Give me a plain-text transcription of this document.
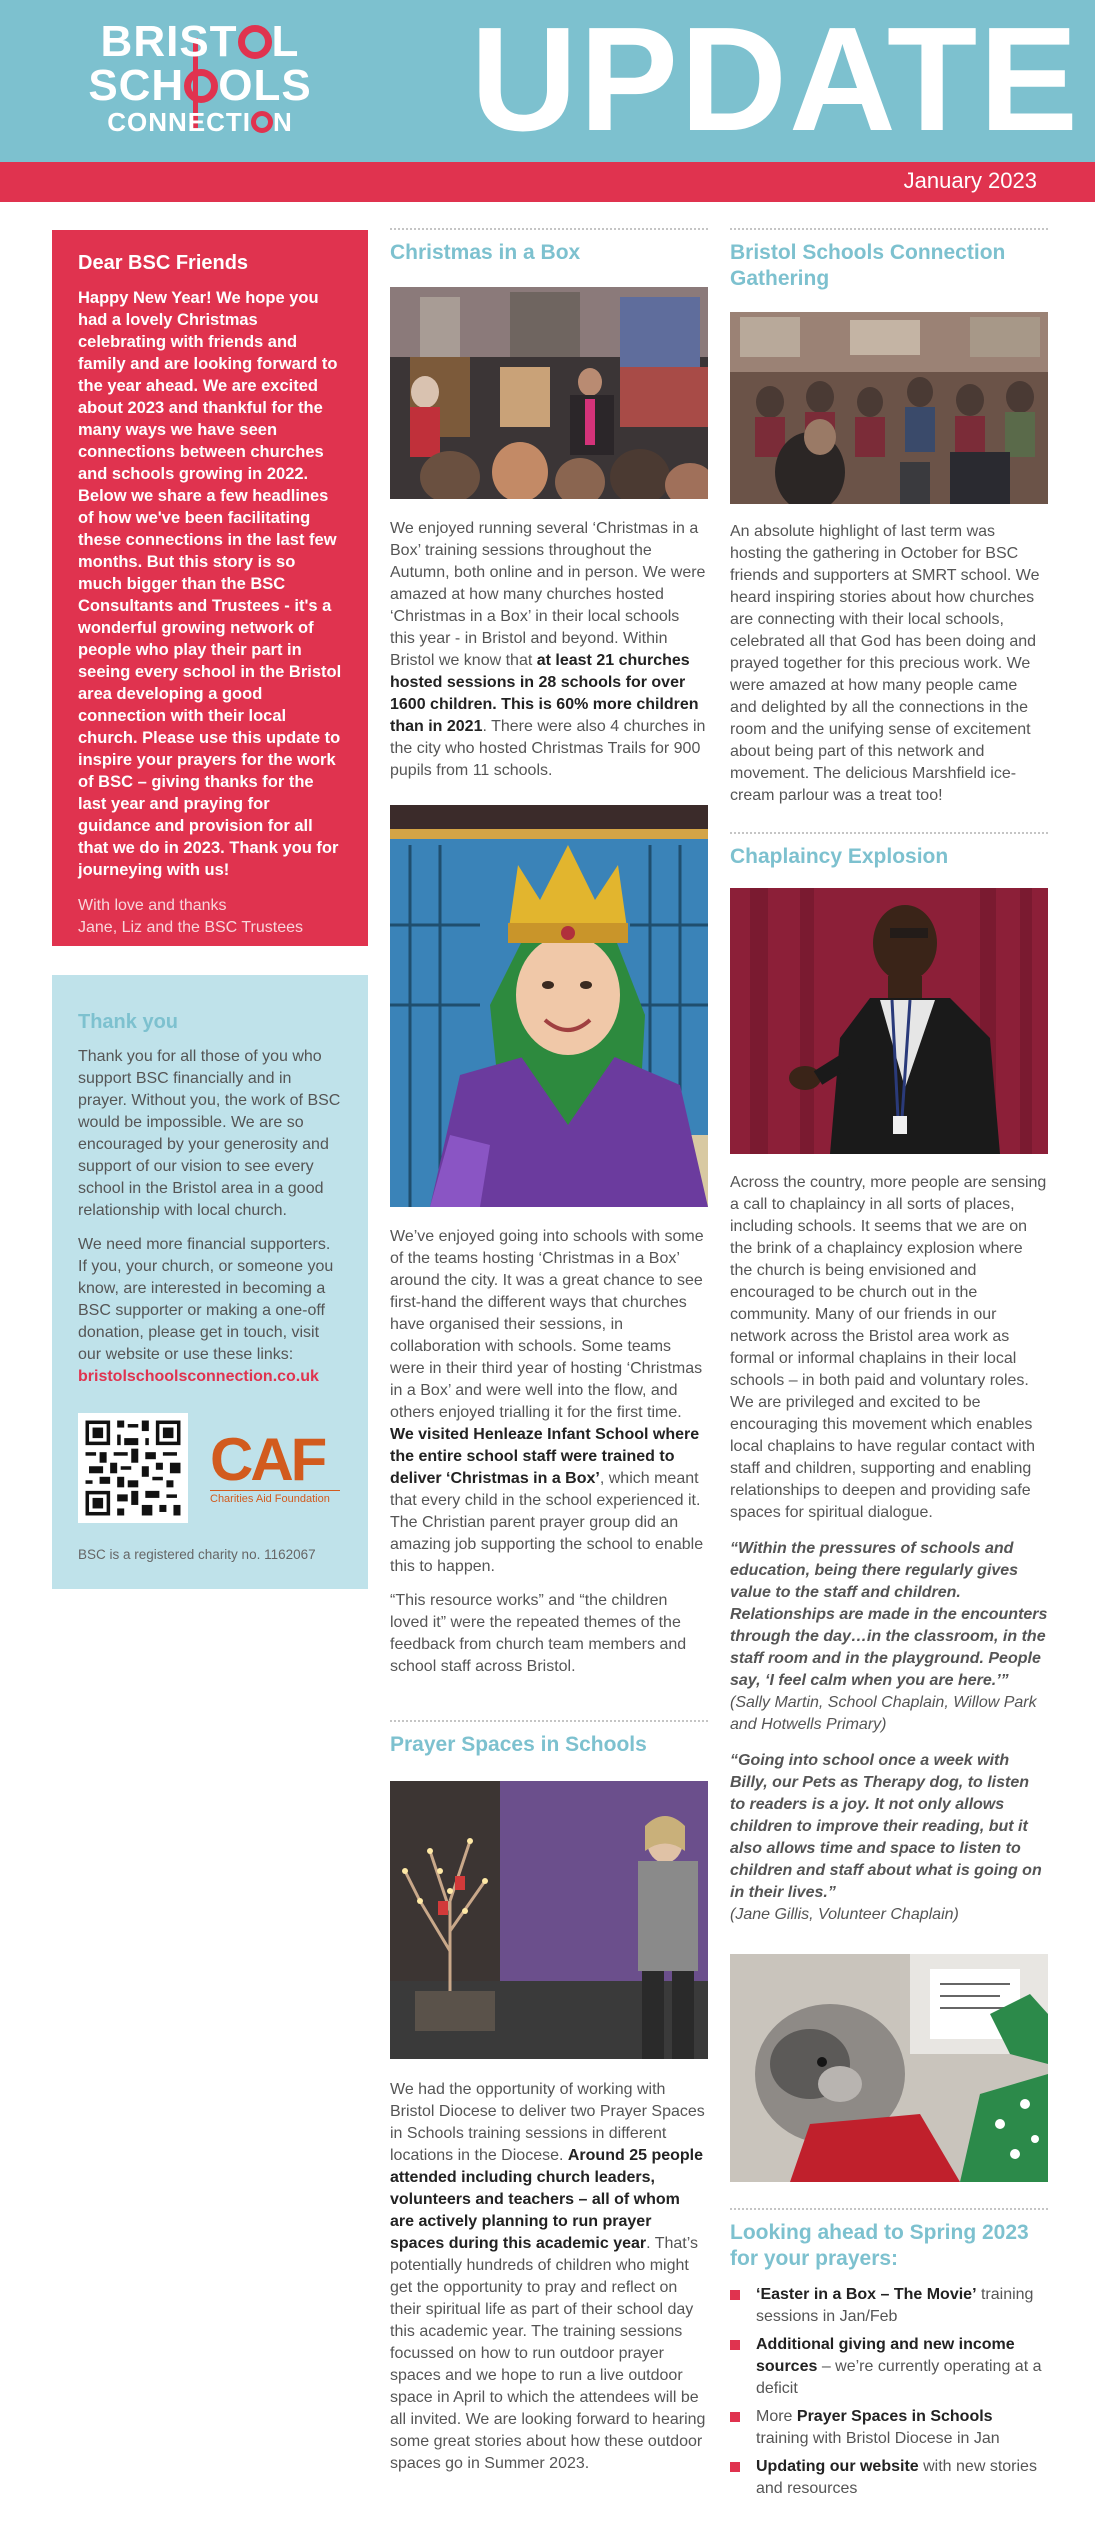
BRIST L
SCH OLS
CONNECTI N UPDATE
January 2023
Dear BSC Friends
Happy New Year! We hope you had a lovely Christmas celebrating with friends and family and are looking forward to the year ahead. We are excited about 2023 and thankful for the many ways we have seen connections between churches and schools growing in 2022. Below we share a few headlines of how we've been facilitating these connections in the last few months. But this story is so much bigger than the BSC Consultants and Trustees - it's a wonderful growing network of people who play their part in seeing every school in the Bristol area developing a good connection with their local church. Please use this update to inspire your prayers for the work of BSC – giving thanks for the last year and praying for guidance and provision for all that we do in 2023. Thank you for journeying with us!
With love and thanks
Jane, Liz and the BSC Trustees
Thank you

Thank you for all those of you who support BSC financially and in prayer. Without you, the work of BSC would be impossible. We are so encouraged by your generosity and support of our vision to see every school in the Bristol area in a good relationship with local church.

We need more financial supporters. If you, your church, or someone you know, are interested in becoming a BSC supporter or making a one-off donation, please get in touch, visit our website or use these links:
bristolschoolsconnection.co.uk

CAF
Charities Aid Foundation
BSC is a registered charity no. 1162067
Christmas in a Box

We enjoyed running several ‘Christmas in a Box’ training sessions throughout the Autumn, both online and in person. We were amazed at how many churches hosted ‘Christmas in a Box’ in their local schools this year - in Bristol and beyond. Within Bristol we know that at least 21 churches hosted sessions in 28 schools for over 1600 children. This is 60% more children than in 2021. There were also 4 churches in the city who hosted Christmas Trails for 900 pupils from 11 schools.

We’ve enjoyed going into schools with some of the teams hosting ‘Christmas in a Box’ around the city. It was a great chance to see first-hand the different ways that churches have organised their sessions, in collaboration with schools. Some teams were in their third year of hosting ‘Christmas in a Box’ and were well into the flow, and others enjoyed trialling it for the first time. We visited Henleaze Infant School where the entire school staff were trained to deliver ‘Christmas in a Box’, which meant that every child in the school experienced it. The Christian parent prayer group did an amazing job supporting the school to enable this to happen.

“This resource works” and “the children loved it” were the repeated themes of the feedback from church team members and school staff across Bristol.

Prayer Spaces in Schools

We had the opportunity of working with Bristol Diocese to deliver two Prayer Spaces in Schools training sessions in different locations in the Diocese. Around 25 people attended including church leaders, volunteers and teachers – all of whom are actively planning to run prayer spaces during this academic year. That’s potentially hundreds of children who might get the opportunity to pray and reflect on their spiritual life as part of their school day this academic year. The training sessions focussed on how to run outdoor prayer spaces and we hope to run a live outdoor space in April to which the attendees will be all invited. We are looking forward to hearing some great stories about how these outdoor spaces go in Summer 2023.

Bristol Schools Connection Gathering

An absolute highlight of last term was hosting the gathering in October for BSC friends and supporters at SMRT school. We heard inspiring stories about how churches are connecting with their local schools, celebrated all that God has been doing and prayed together for this precious work. We were amazed at how many people came and delighted by all the connections in the room and the unifying sense of excitement about being part of this network and movement. The delicious Marshfield ice-cream parlour was a treat too!

Chaplaincy Explosion

Across the country, more people are sensing a call to chaplaincy in all sorts of places, including schools. It seems that we are on the brink of a chaplaincy explosion where the church is being envisioned and encouraged to be church out in the community. Many of our friends in our network across the Bristol area work as formal or informal chaplains in their local schools – in both paid and voluntary roles. We are privileged and excited to be encouraging this movement which enables local chaplains to have regular contact with staff and children, supporting and enabling relationships to deepen and providing safe spaces for spiritual dialogue.

“Within the pressures of schools and education, being there regularly gives value to the staff and children. Relationships are made in the encounters through the day…in the classroom, in the staff room and in the playground. People say, ‘I feel calm when you are here.’”

(Sally Martin, School Chaplain, Willow Park and Hotwells Primary)

“Going into school once a week with Billy, our Pets as Therapy dog, to listen to readers is a joy. It not only allows children to improve their reading, but it also allows time and space to listen to children and staff about what is going on in their lives.”

(Jane Gillis, Volunteer Chaplain)

Looking ahead to Spring 2023 for your prayers:
‘Easter in a Box – The Movie’ training sessions in Jan/Feb
Additional giving and new income sources – we’re currently operating at a deficit
More Prayer Spaces in Schools training with Bristol Diocese in Jan
Updating our website with new stories and resources
